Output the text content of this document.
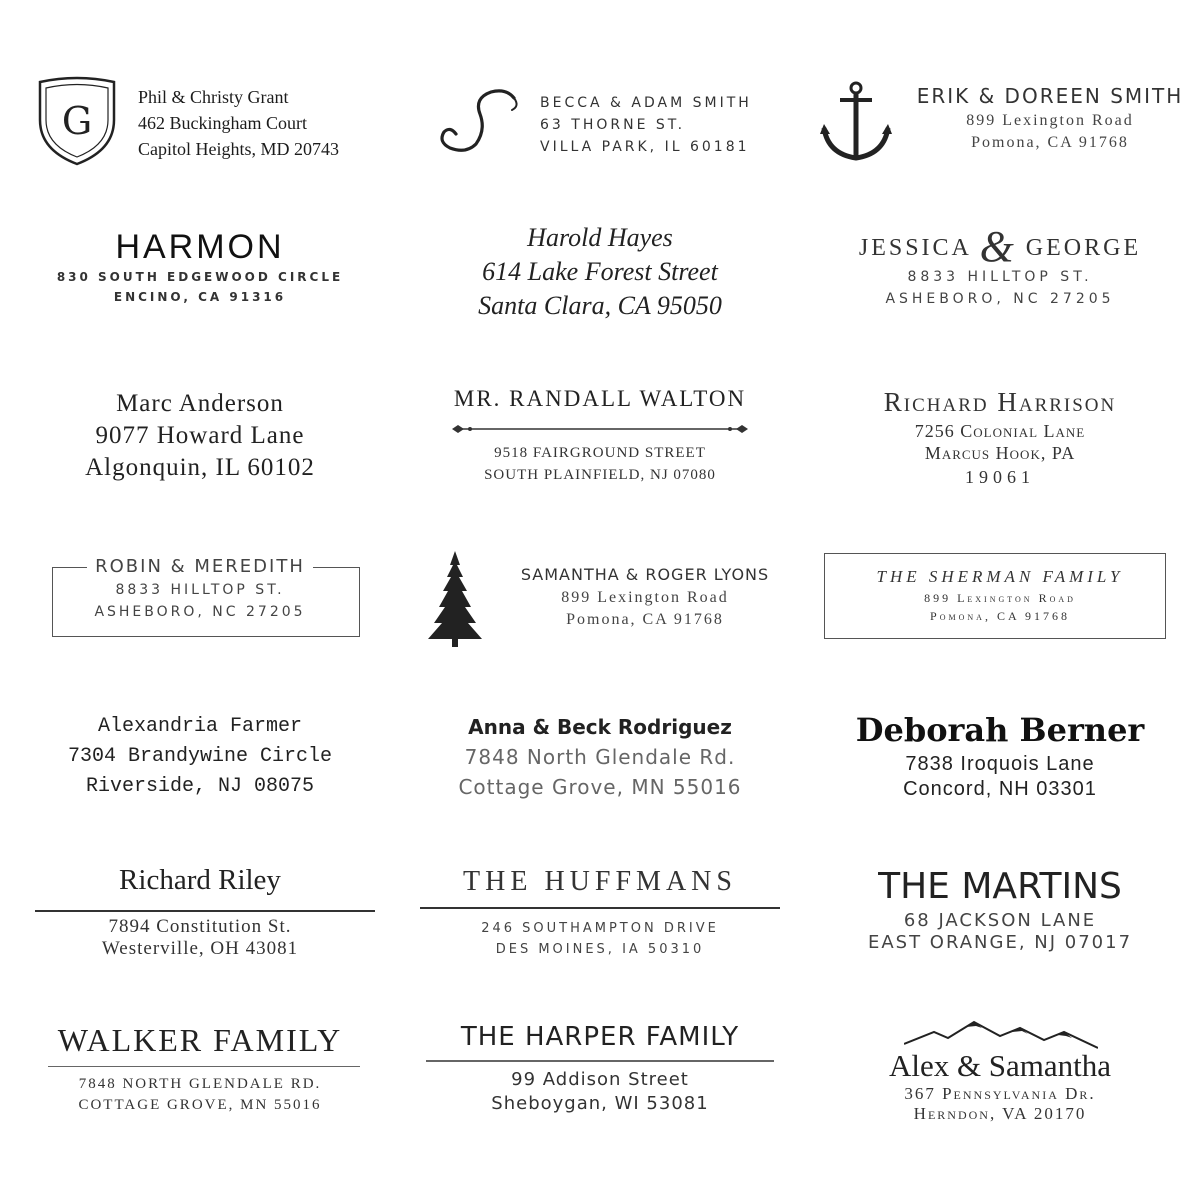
G
Phil & Christy Grant
462 Buckingham Court
Capitol Heights, MD 20743
BECCA & ADAM SMITH
63 THORNE ST.
VILLA PARK, IL 60181
ERIK & DOREEN SMITH
899 Lexington Road
Pomona, CA 91768
HARMON
830 SOUTH EDGEWOOD CIRCLE
ENCINO, CA 91316
Harold Hayes
614 Lake Forest Street
Santa Clara, CA 95050
JESSICA & GEORGE
8833 HILLTOP ST.
ASHEBORO, NC 27205
Marc Anderson
9077 Howard Lane
Algonquin, IL 60102
MR. RANDALL WALTON
9518 FAIRGROUND STREET
SOUTH PLAINFIELD, NJ 07080
Richard Harrison
7256 Colonial Lane
Marcus Hook, PA
19061
ROBIN & MEREDITH
8833 HILLTOP ST.
ASHEBORO, NC 27205
SAMANTHA & ROGER LYONS
899 Lexington Road
Pomona, CA 91768
THE SHERMAN FAMILY
899 Lexington Road
Pomona, CA 91768
Alexandria Farmer
7304 Brandywine Circle
Riverside, NJ 08075
Anna & Beck Rodriguez
7848 North Glendale Rd.
Cottage Grove, MN 55016
Deborah Berner
7838 Iroquois Lane
Concord, NH 03301
Richard Riley
7894 Constitution St.
Westerville, OH 43081
THE HUFFMANS
246 SOUTHAMPTON DRIVE
DES MOINES, IA 50310
THE MARTINS
68 JACKSON LANE
EAST ORANGE, NJ 07017
WALKER FAMILY
7848 NORTH GLENDALE RD.
COTTAGE GROVE, MN 55016
THE HARPER FAMILY
99 Addison Street
Sheboygan, WI 53081
Alex & Samantha
367 Pennsylvania Dr.
Herndon, VA 20170
